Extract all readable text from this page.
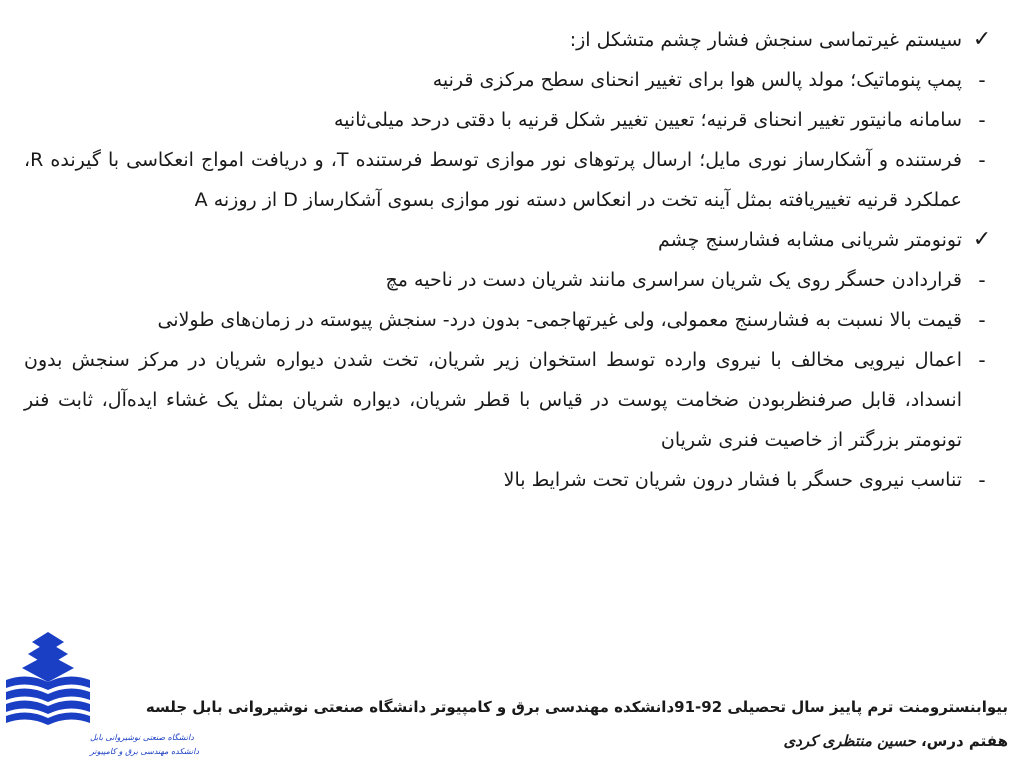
✓
سیستم غیرتماسی سنجش فشار چشم متشکل از:
-
پمپ پنوماتیک؛ مولد پالس هوا برای تغییر انحنای سطح مرکزی قرنیه
-
سامانه مانیتور تغییر انحنای قرنیه؛ تعیین تغییر شکل قرنیه با دقتی درحد میلی‌ثانیه
-
فرستنده و آشکارساز نوری مایل؛ ارسال پرتوهای نور موازی توسط فرستنده T، و دریافت امواج انعکاسی با گیرنده R، عملکرد قرنیه تغییریافته بمثل آینه تخت در انعکاس دسته نور موازی بسوی آشکارساز D از روزنه A
✓
تونومتر شریانی مشابه فشارسنج چشم
-
قراردادن حسگر روی یک شریان سراسری مانند شریان دست در ناحیه مچ
-
قیمت بالا نسبت به فشارسنج معمولی، ولی غیرتهاجمی- بدون درد- سنجش پیوسته در زمان‌های طولانی
-
اعمال نیرویی مخالف با نیروی وارده توسط استخوان زیر شریان، تخت شدن دیواره شریان در مرکز سنجش بدون انسداد، قابل صرفنظربودن ضخامت پوست در قیاس با قطر شریان، دیواره شریان بمثل یک غشاء ایده‌آل، ثابت فنر تونومتر بزرگتر از خاصیت فنری شریان
-
تناسب نیروی حسگر با فشار درون شریان تحت شرایط بالا
دانشگاه صنعتی نوشیروانی بابل
دانشکده مهندسی برق و کامپیوتر
بیوابنسترومنت ترم پاییز سال تحصیلی 92-91دانشکده مهندسی برق و کامپیوتر دانشگاه صنعتی نوشیروانی بابل جلسه
هفتم درس، حسین منتظری کردی
